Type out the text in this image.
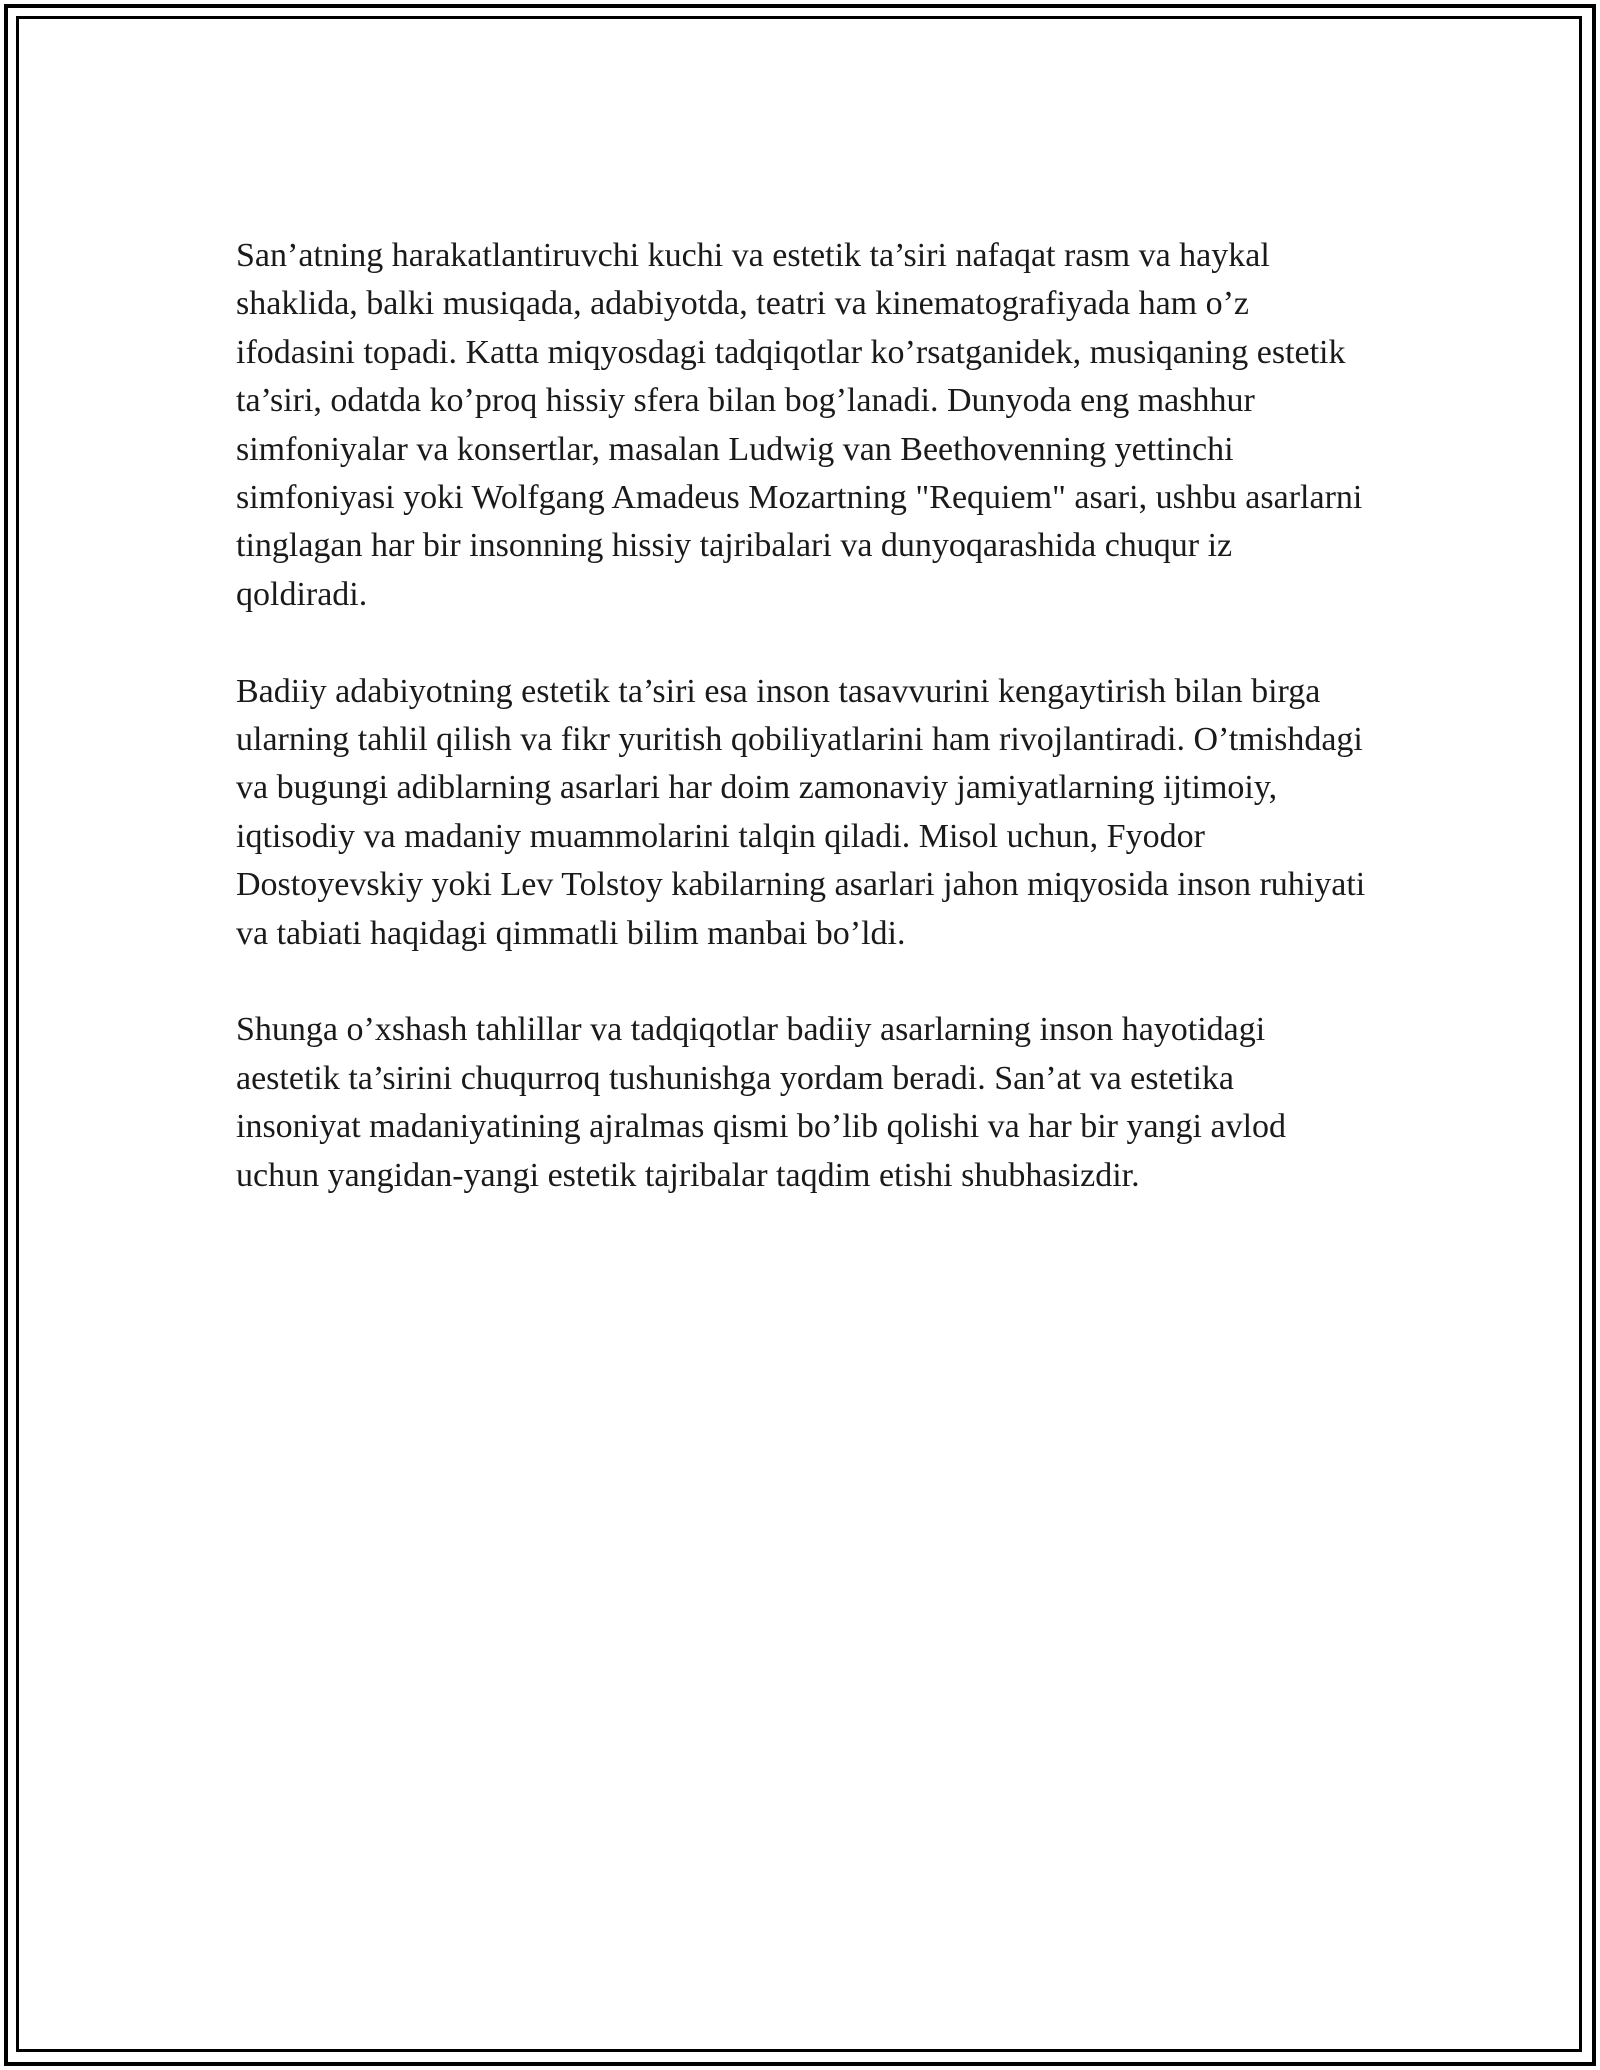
San’atning harakatlantiruvchi kuchi va estetik ta’siri nafaqat rasm va haykal shaklida, balki musiqada, adabiyotda, teatri va kinematografiyada ham o’z ifodasini topadi. Katta miqyosdagi tadqiqotlar ko’rsatganidek, musiqaning estetik ta’siri, odatda ko’proq hissiy sfera bilan bog’lanadi. Dunyoda eng mashhur simfoniyalar va konsertlar, masalan Ludwig van Beethovenning yettinchi simfoniyasi yoki Wolfgang Amadeus Mozartning "Requiem" asari, ushbu asarlarni tinglagan har bir insonning hissiy tajribalari va dunyoqarashida chuqur iz qoldiradi.

Badiiy adabiyotning estetik ta’siri esa inson tasavvurini kengaytirish bilan birga ularning tahlil qilish va fikr yuritish qobiliyatlarini ham rivojlantiradi. O’tmishdagi va bugungi adiblarning asarlari har doim zamonaviy jamiyatlarning ijtimoiy, iqtisodiy va madaniy muammolarini talqin qiladi. Misol uchun, Fyodor Dostoyevskiy yoki Lev Tolstoy kabilarning asarlari jahon miqyosida inson ruhiyati va tabiati haqidagi qimmatli bilim manbai bo’ldi.

Shunga o’xshash tahlillar va tadqiqotlar badiiy asarlarning inson hayotidagi aestetik ta’sirini chuqurroq tushunishga yordam beradi. San’at va estetika insoniyat madaniyatining ajralmas qismi bo’lib qolishi va har bir yangi avlod uchun yangidan-yangi estetik tajribalar taqdim etishi shubhasizdir.
